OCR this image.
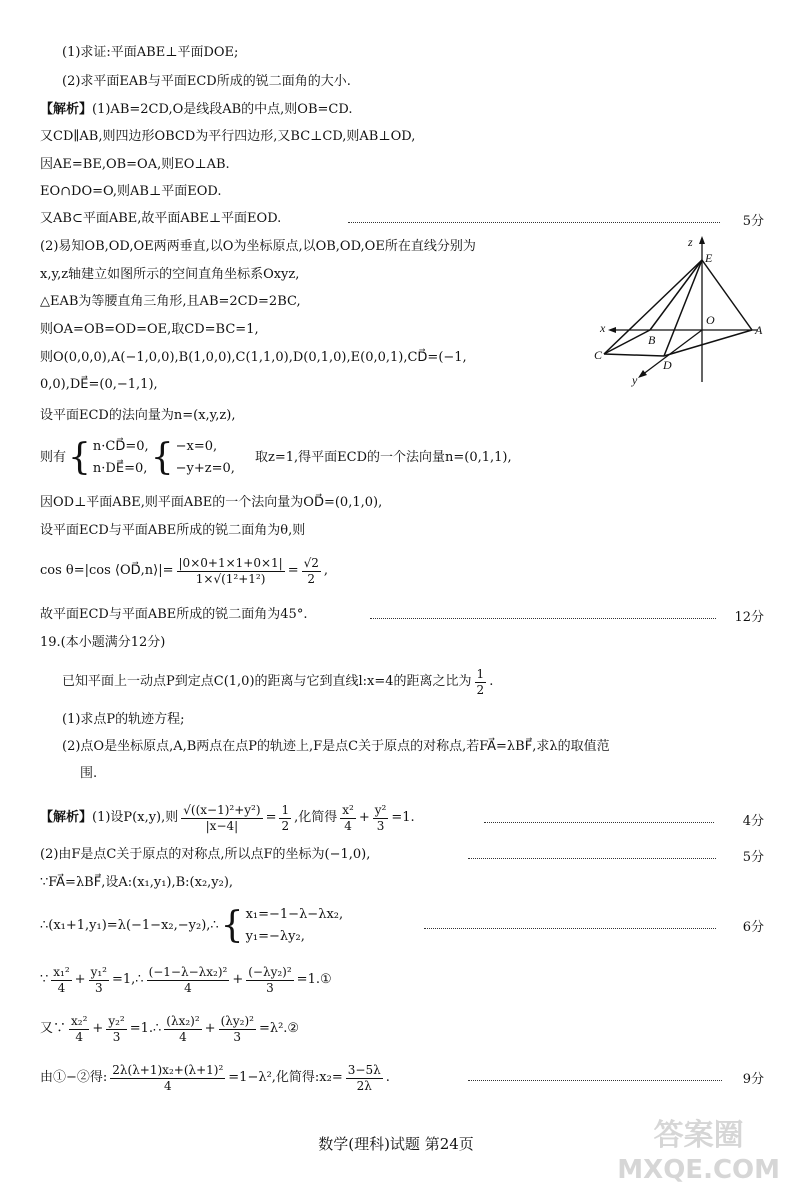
(1)求证:平面ABE⊥平面DOE;
(2)求平面EAB与平面ECD所成的锐二面角的大小.
【解析】(1)AB=2CD,O是线段AB的中点,则OB=CD.
又CD∥AB,则四边形OBCD为平行四边形,又BC⊥CD,则AB⊥OD,
因AE=BE,OB=OA,则EO⊥AB.
EO∩DO=O,则AB⊥平面EOD.
又AB⊂平面ABE,故平面ABE⊥平面EOD.	5分
(2)易知OB,OD,OE两两垂直,以O为坐标原点,以OB,OD,OE所在直线分别为
x,y,z轴建立如图所示的空间直角坐标系Oxyz,
△EAB为等腰直角三角形,且AB=2CD=2BC,
则OA=OB=OD=OE,取CD=BC=1,
则O(0,0,0),A(−1,0,0),B(1,0,0),C(1,1,0),D(0,1,0),E(0,0,1),CD⃗=(−1,
0,0),DE⃗=(0,−1,1),
z
E
x
O
A
B
C
D
y
设平面ECD的法向量为n=(x,y,z),
则有{ n·CD⃗=0,
n·DE⃗=0, { −x=0,
−y+z=0,
取z=1,得平面ECD的一个法向量n=(0,1,1),
因OD⊥平面ABE,则平面ABE的一个法向量为OD⃗=(0,1,0),
设平面ECD与平面ABE所成的锐二面角为θ,则
cos θ=|cos ⟨OD⃗,n⟩|= $\frac{|0\times 0+1\times 1+0\times 1|}{\text{1×√(1²+1²)}} = \frac{√2}{2}$ ,
故平面ECD与平面ABE所成的锐二面角为45°.	12分
19.(本小题满分12分)
已知平面上一动点P到定点C(1,0)的距离与它到直线l:x=4的距离之比为 $\frac{1}{2}$ .
(1)求点P的轨迹方程;
(2)点O是坐标原点,A,B两点在点P的轨迹上,F是点C关于原点的对称点,若FA⃗=λBF⃗,求λ的取值范
围.
【解析】(1)设P(x,y),则 $\frac{\text{√((x−1)²+y²)}}{|x-4|} = \frac{1}{2}$ ,化简得 $\frac{\text{x²}}{4} + \frac{\text{y²}}{3} =1$.	4分
(2)由F是点C关于原点的对称点,所以点F的坐标为(−1,0),	5分
∵FA⃗=λBF⃗,设A:(x₁,y₁),B:(x₂,y₂),
∴(x₁+1,y₁)=λ(−1−x₂,−y₂),∴{ x₁=−1−λ−λx₂,
y₁=−λy₂,
6分
∵ $\frac{\text{x₁²}}{4} + \frac{\text{y₁²}}{3}$ =1,∴ $\frac{\text{(−1−λ−λx₂)²}}{4} + \frac{\text{(−λy₂)²}}{3}$ =1.①
又∵ $\frac{\text{x₂²}}{4} + \frac{\text{y₂²}}{3}$ =1.∴ $\frac{\text{(λx₂)²}}{4} + \frac{\text{(λy₂)²}}{3}$ =λ².②
由①−②得: $\frac{\text{2λ(λ+1)x₂+(λ+1)²}}{4} =1-\lambda^2$,化简得:x₂= $\frac{3-5\lambda}{2\lambda}$ .	9分
数学(理科)试题 第24页	答案圈
MXQE.COM
